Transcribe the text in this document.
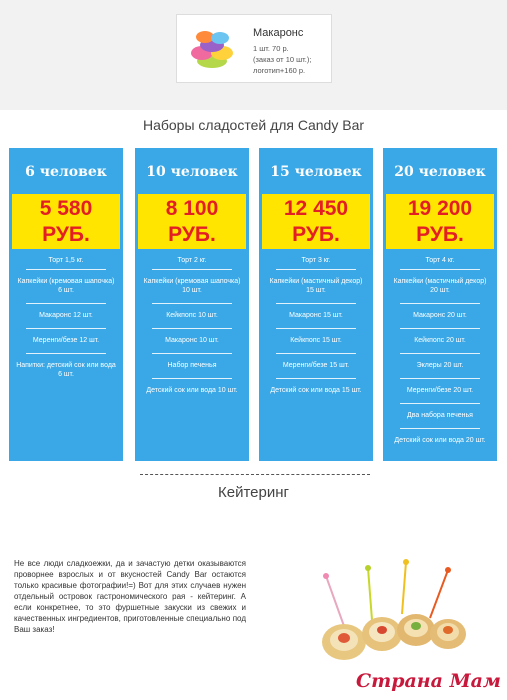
Макаронс
1 шт. 70 р.
(заказ от 10 шт.);
логотип+160 р.
Наборы сладостей для Candy Bar
6 человек
5 580
РУБ.
Торт 1,5 кг.
Капкейки (кремовая шапочка) 6 шт.
Макаронс 12 шт.
Меренги/безе 12 шт.
Напитки: детский сок или вода 6 шт.
10 человек
8 100
РУБ.
Торт 2 кг.
Капкейки (кремовая шапочка) 10 шт.
Кейкпопс 10 шт.
Макаронс 10 шт.
Набор печенья
Детский сок или вода 10 шт.
15 человек
12 450
РУБ.
Торт 3 кг.
Капкейки (мастичный декор) 15 шт.
Макаронс 15 шт.
Кейкпопс 15 шт.
Меренги/безе 15 шт.
Детский сок или вода 15 шт.
20 человек
19 200
РУБ.
Торт 4 кг.
Капкейки (мастичный декор) 20 шт.
Макаронс 20 шт.
Кейкпопс 20 шт.
Эклеры 20 шт.
Меренги/безе 20 шт.
Два набора печенья
Детский сок или вода 20 шт.
Кейтеринг
Не все люди сладкоежки, да и зачастую детки оказываются проворнее взрослых и от вкусностей Candy Bar остаются только красивые фотографии!=) Вот для этих случаев нужен отдельный островок гастрономического рая - кейтеринг. А если конкретнее, то это фуршетные закуски из свежих и качественных ингредиентов, приготовленные специально под Ваш заказ!
Страна Мам
